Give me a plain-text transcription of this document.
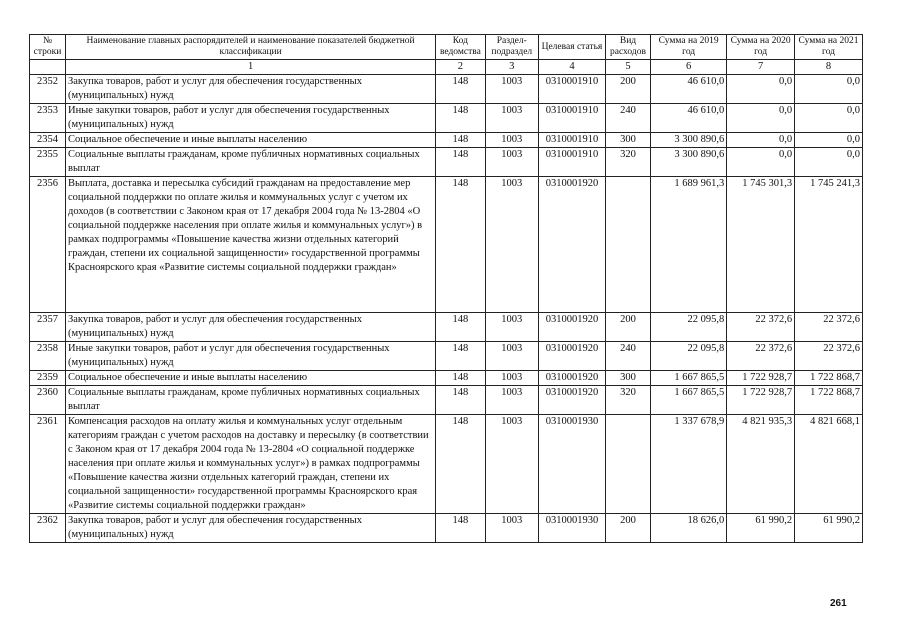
№ строки	Наименование главных распорядителей и наименование показателей бюджетной классификации	Код ведомства	Раздел-подраздел	Целевая статья	Вид расходов	Сумма на 2019 год	Сумма на 2020 год	Сумма на 2021 год
	1	2	3	4	5	6	7	8
2352	Закупка товаров, работ и услуг для обеспечения государственных (муниципальных) нужд	148	1003	0310001910	200	46 610,0	0,0	0,0
2353	Иные закупки товаров, работ и услуг для обеспечения государственных (муниципальных) нужд	148	1003	0310001910	240	46 610,0	0,0	0,0
2354	Социальное обеспечение и иные выплаты населению	148	1003	0310001910	300	3 300 890,6	0,0	0,0
2355	Социальные выплаты гражданам, кроме публичных нормативных социальных выплат	148	1003	0310001910	320	3 300 890,6	0,0	0,0
2356	Выплата, доставка и пересылка субсидий гражданам на предоставление мер социальной поддержки по оплате жилья и коммунальных услуг с учетом их доходов (в соответствии с Законом края от 17 декабря 2004 года № 13-2804 «О социальной поддержке населения при оплате жилья и коммунальных услуг») в рамках подпрограммы «Повышение качества жизни отдельных категорий граждан, степени их социальной защищенности» государственной программы Красноярского края «Развитие системы социальной поддержки граждан»	148	1003	0310001920		1 689 961,3	1 745 301,3	1 745 241,3
2357	Закупка товаров, работ и услуг для обеспечения государственных (муниципальных) нужд	148	1003	0310001920	200	22 095,8	22 372,6	22 372,6
2358	Иные закупки товаров, работ и услуг для обеспечения государственных (муниципальных) нужд	148	1003	0310001920	240	22 095,8	22 372,6	22 372,6
2359	Социальное обеспечение и иные выплаты населению	148	1003	0310001920	300	1 667 865,5	1 722 928,7	1 722 868,7
2360	Социальные выплаты гражданам, кроме публичных нормативных социальных выплат	148	1003	0310001920	320	1 667 865,5	1 722 928,7	1 722 868,7
2361	Компенсация расходов на оплату жилья и коммунальных услуг отдельным категориям граждан с учетом расходов на доставку и пересылку (в соответствии с Законом края от 17 декабря 2004 года № 13-2804 «О социальной поддержке населения при оплате жилья и коммунальных услуг») в рамках подпрограммы «Повышение качества жизни отдельных категорий граждан, степени их социальной защищенности» государственной программы Красноярского края «Развитие системы социальной поддержки граждан»	148	1003	0310001930		1 337 678,9	4 821 935,3	4 821 668,1
2362	Закупка товаров, работ и услуг для обеспечения государственных (муниципальных) нужд	148	1003	0310001930	200	18 626,0	61 990,2	61 990,2
261
